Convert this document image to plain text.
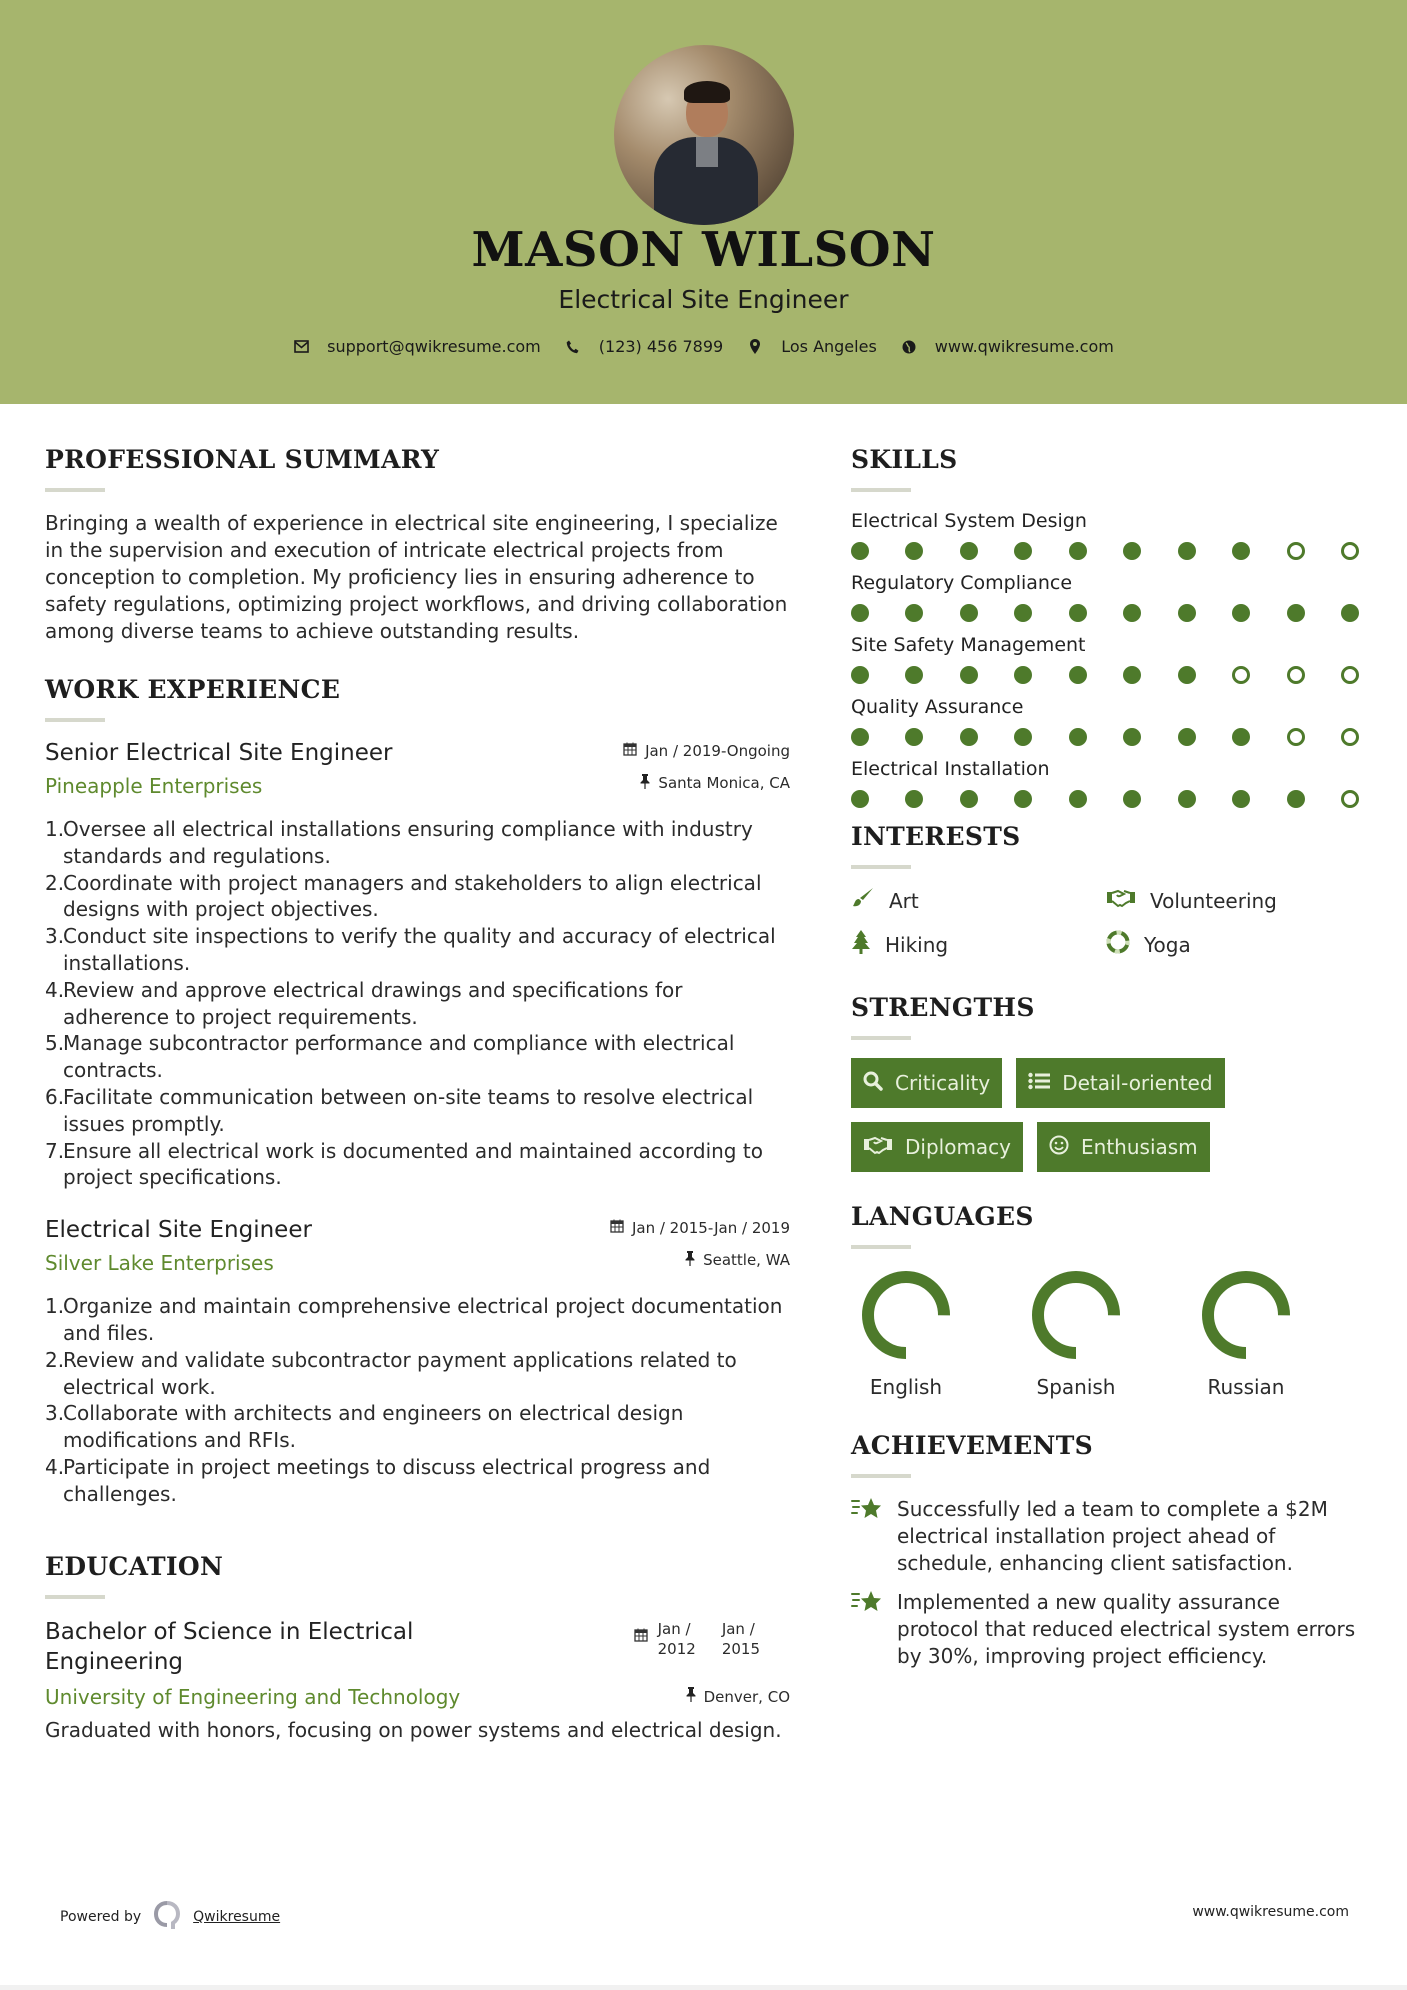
MASON WILSON
Electrical Site Engineer
support@qwikresume.com	(123) 456 7899	Los Angeles	www.qwikresume.com
PROFESSIONAL SUMMARY

Bringing a wealth of experience in electrical site engineering, I specialize in the supervision and execution of intricate electrical projects from conception to completion. My proficiency lies in ensuring adherence to safety regulations, optimizing project workflows, and driving collaboration among diverse teams to achieve outstanding results.

WORK EXPERIENCE
Senior Electrical Site Engineer
Pineapple Enterprises
Jan / 2019-Ongoing
Santa Monica, CA
1.
Oversee all electrical installations ensuring compliance with industry standards and regulations.
2.
Coordinate with project managers and stakeholders to align electrical designs with project objectives.
3.
Conduct site inspections to verify the quality and accuracy of electrical installations.
4.
Review and approve electrical drawings and specifications for adherence to project requirements.
5.
Manage subcontractor performance and compliance with electrical contracts.
6.
Facilitate communication between on-site teams to resolve electrical issues promptly.
7.
Ensure all electrical work is documented and maintained according to project specifications.
Electrical Site Engineer
Silver Lake Enterprises
Jan / 2015-Jan / 2019
Seattle, WA
1.
Organize and maintain comprehensive electrical project documentation and files.
2.
Review and validate subcontractor payment applications related to electrical work.
3.
Collaborate with architects and engineers on electrical design modifications and RFIs.
4.
Participate in project meetings to discuss electrical progress and challenges.
EDUCATION
Bachelor of Science in Electrical Engineering
Jan /
2012
Jan /
2015
University of Engineering and Technology	Denver, CO

Graduated with honors, focusing on power systems and electrical design.

SKILLS
Electrical System Design
Regulatory Compliance
Site Safety Management
Quality Assurance
Electrical Installation
INTERESTS
Art	Volunteering
Hiking	Yoga
STRENGTHS
Criticality	Detail-oriented
Diplomacy	Enthusiasm
LANGUAGES
English	Spanish	Russian
ACHIEVEMENTS
Successfully led a team to complete a $2M electrical installation project ahead of schedule, enhancing client satisfaction.
Implemented a new quality assurance protocol that reduced electrical system errors by 30%, improving project efficiency.
Powered by	Qwikresume	www.qwikresume.com
